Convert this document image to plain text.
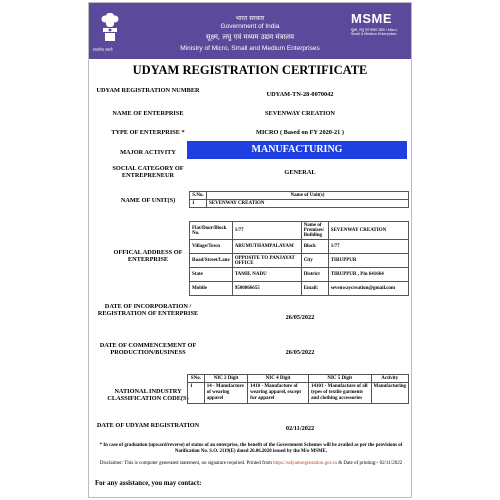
सत्यमेव जयते
भारत सरकार
Government of India
सूक्ष्म, लघु एवं मध्यम उद्यम मंत्रालय
Ministry of Micro, Small and Medium Enterprises
MSME
सूक्ष्म, लघु एवं मध्यम उद्यम / Micro, Small & Medium Enterprises
UDYAM REGISTRATION CERTIFICATE
UDYAM REGISTRATION NUMBER
UDYAM-TN-28-0070042
NAME OF ENTERPRISE	SEVENWAY CREATION
TYPE OF ENTERPRISE *	MICRO ( Based on FY 2020-21 )
MAJOR ACTIVITY	MANUFACTURING
SOCIAL CATEGORY OF ENTREPRENEUR	GENERAL
NAME OF UNIT(S)
S.No.	Name of Unit(s)
1	SEVENWAY CREATION
OFFICAL ADDRESS OF ENTERPRISE
Flat/Door/Block No.	1/77	Name of Premises/ Building	SEVENWAY CREATION
Village/Town	ARUMUTHAMPALAYAM	Block	1/77
Road/Street/Lane	OPPOSITE TO PANJAYAT OFFICE	City	TIRUPPUR
State	TAMIL NADU	District	TIRUPPUR , Pin 641664
Mobile	9500866655	Email:	sevenwaycreation@gmail.com
DATE OF INCORPORATION / REGISTRATION OF ENTERPRISE
26/05/2022
DATE OF COMMENCEMENT OF PRODUCTION/BUSINESS	26/05/2022
NATIONAL INDUSTRY CLASSIFICATION CODE(S)
SNo.	NIC 2 Digit	NIC 4 Digit	NIC 5 Digit	Activity
1	14 - Manufacture of wearing apparel	1410 - Manufacture of wearing apparel, except fur apparel	14101 - Manufacture of all types of textile garments and clothing accessories	Manufacturing
DATE OF UDYAM REGISTRATION	02/11/2022
* In case of graduation (upward/reverse) of status of an enterprise, the benefit of the Government Schemes will be availed as per the provisions of Notification No. S.O. 2119(E) dated 26.06.2020 issued by the M/o MSME.
Disclaimer: This is computer generated statement, no signature required. Printed from https://udyamregistration.gov.in & Date of printing:- 02/11/2022
For any assistance, you may contact:
